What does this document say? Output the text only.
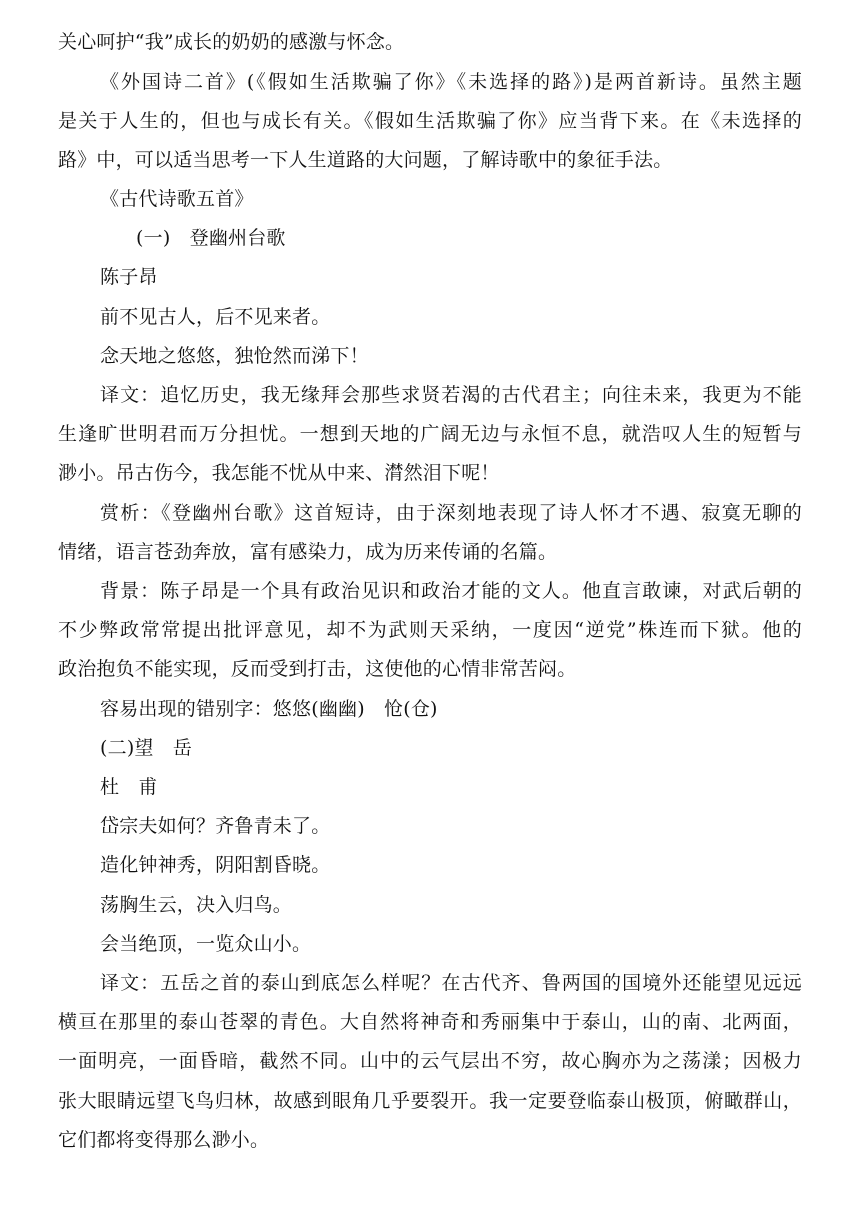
关心呵护“我”成长的奶奶的感激与怀念。
《外国诗二首》(《假如生活欺骗了你》《未选择的路》)是两首新诗。虽然主题
是关于人生的，但也与成长有关。《假如生活欺骗了你》应当背下来。在《未选择的
路》中，可以适当思考一下人生道路的大问题，了解诗歌中的象征手法。
《古代诗歌五首》
(一)　登幽州台歌
陈子昂
前不见古人，后不见来者。
念天地之悠悠，独怆然而涕下！
译文：追忆历史，我无缘拜会那些求贤若渴的古代君主；向往未来，我更为不能
生逢旷世明君而万分担忧。一想到天地的广阔无边与永恒不息，就浩叹人生的短暂与
渺小。吊古伤今，我怎能不忧从中来、潸然泪下呢！
赏析：《登幽州台歌》这首短诗，由于深刻地表现了诗人怀才不遇、寂寞无聊的
情绪，语言苍劲奔放，富有感染力，成为历来传诵的名篇。
背景：陈子昂是一个具有政治见识和政治才能的文人。他直言敢谏，对武后朝的
不少弊政常常提出批评意见，却不为武则天采纳，一度因“逆党”株连而下狱。他的
政治抱负不能实现，反而受到打击，这使他的心情非常苦闷。
容易出现的错别字：悠悠(幽幽)　怆(仓)
(二)望　岳
杜　甫
岱宗夫如何？齐鲁青未了。
造化钟神秀，阴阳割昏晓。
荡胸生云，决入归鸟。
会当绝顶，一览众山小。
译文：五岳之首的泰山到底怎么样呢？在古代齐、鲁两国的国境外还能望见远远
横亘在那里的泰山苍翠的青色。大自然将神奇和秀丽集中于泰山，山的南、北两面，
一面明亮，一面昏暗，截然不同。山中的云气层出不穷，故心胸亦为之荡漾；因极力
张大眼睛远望飞鸟归林，故感到眼角几乎要裂开。我一定要登临泰山极顶，俯瞰群山，
它们都将变得那么渺小。
